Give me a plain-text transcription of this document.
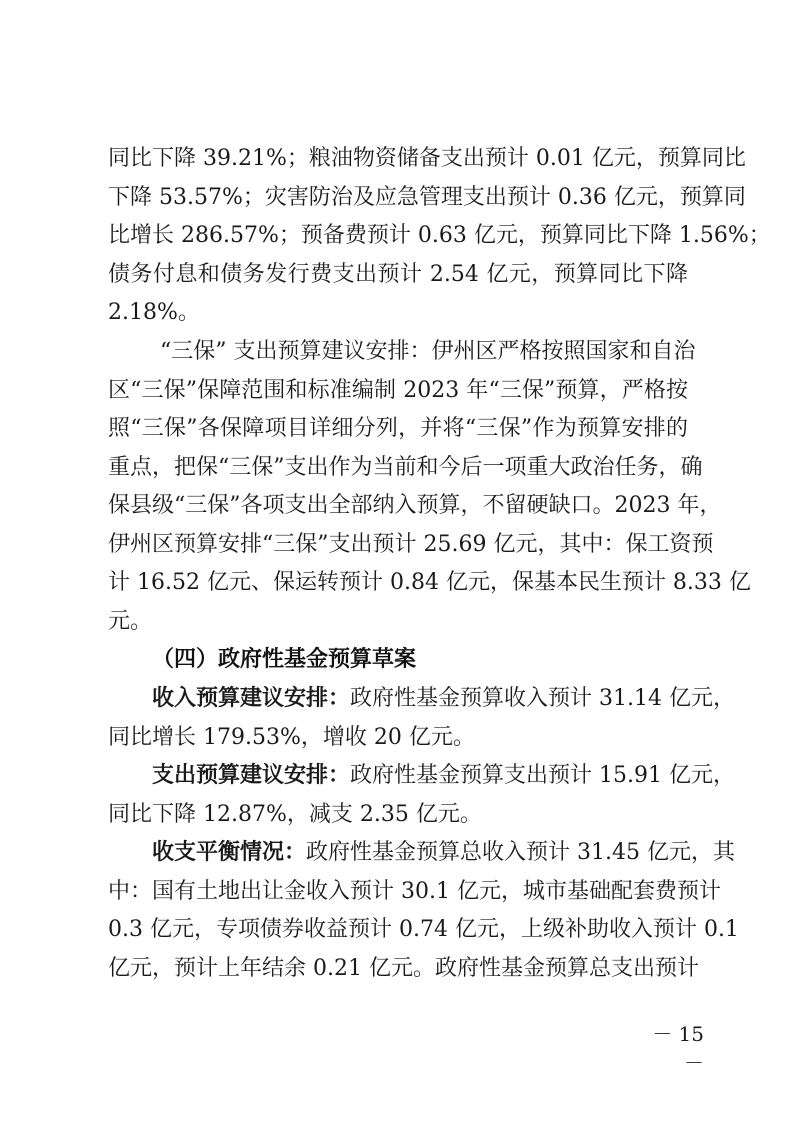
同比下降 39.21%；粮油物资储备支出预计 0.01 亿元，预算同比
下降 53.57%；灾害防治及应急管理支出预计 0.36 亿元，预算同
比增长 286.57%；预备费预计 0.63 亿元，预算同比下降 1.56%；
债务付息和债务发行费支出预计 2.54 亿元，预算同比下降
2.18%。
“三保” 支出预算建议安排：伊州区严格按照国家和自治
区“三保”保障范围和标准编制 2023 年“三保”预算，严格按
照“三保”各保障项目详细分列，并将“三保”作为预算安排的
重点，把保“三保”支出作为当前和今后一项重大政治任务，确
保县级“三保”各项支出全部纳入预算，不留硬缺口。2023 年，
伊州区预算安排“三保”支出预计 25.69 亿元，其中：保工资预
计 16.52 亿元、保运转预计 0.84 亿元，保基本民生预计 8.33 亿
元。
（四）政府性基金预算草案
收入预算建议安排：政府性基金预算收入预计 31.14 亿元，
同比增长 179.53%，增收 20 亿元。
支出预算建议安排：政府性基金预算支出预计 15.91 亿元，
同比下降 12.87%，减支 2.35 亿元。
收支平衡情况：政府性基金预算总收入预计 31.45 亿元，其
中：国有土地出让金收入预计 30.1 亿元，城市基础配套费预计
0.3 亿元，专项债券收益预计 0.74 亿元，上级补助收入预计 0.1
亿元，预计上年结余 0.21 亿元。政府性基金预算总支出预计
－ 15 －
